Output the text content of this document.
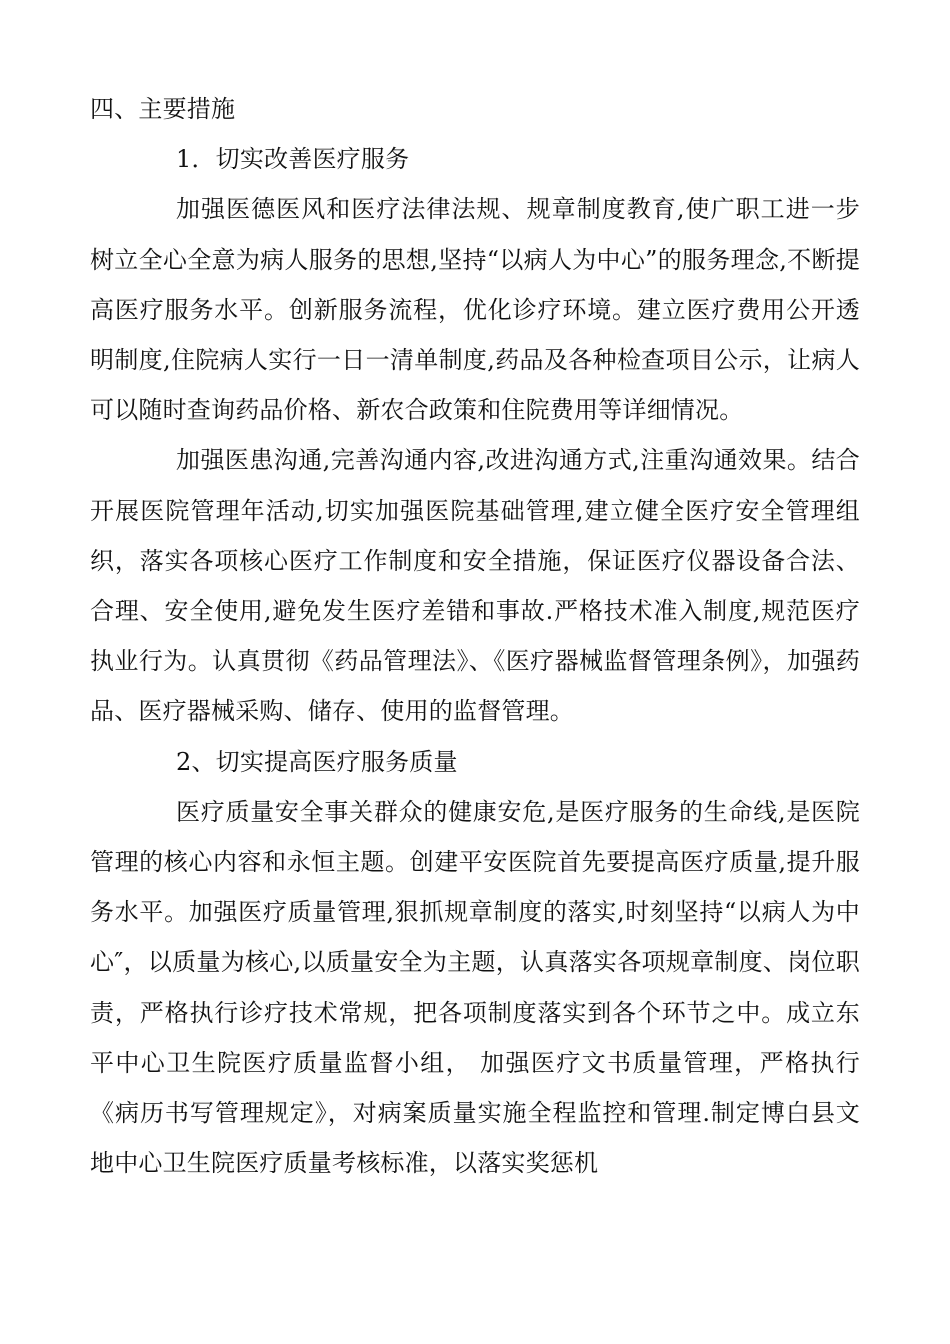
四、主要措施
1．切实改善医疗服务

加强医德医风和医疗法律法规、规章制度教育,使广职工进一步树立全心全意为病人服务的思想,坚持“以病人为中心”的服务理念,不断提高医疗服务水平。创新服务流程，优化诊疗环境。建立医疗费用公开透明制度,住院病人实行一日一清单制度,药品及各种检查项目公示，让病人可以随时查询药品价格、新农合政策和住院费用等详细情况。

加强医患沟通,完善沟通内容,改进沟通方式,注重沟通效果。结合开展医院管理年活动,切实加强医院基础管理,建立健全医疗安全管理组织，落实各项核心医疗工作制度和安全措施，保证医疗仪器设备合法、合理、安全使用,避免发生医疗差错和事故.严格技术准入制度,规范医疗执业行为。认真贯彻《药品管理法》、《医疗器械监督管理条例》，加强药品、医疗器械采购、储存、使用的监督管理。

2、切实提高医疗服务质量

医疗质量安全事关群众的健康安危,是医疗服务的生命线,是医院管理的核心内容和永恒主题。创建平安医院首先要提高医疗质量,提升服务水平。加强医疗质量管理,狠抓规章制度的落实,时刻坚持“以病人为中心″，以质量为核心,以质量安全为主题，认真落实各项规章制度、岗位职责，严格执行诊疗技术常规，把各项制度落实到各个环节之中。成立东平中心卫生院医疗质量监督小组， 加强医疗文书质量管理，严格执行《病历书写管理规定》，对病案质量实施全程监控和管理.制定博白县文地中心卫生院医疗质量考核标准，以落实奖惩机
